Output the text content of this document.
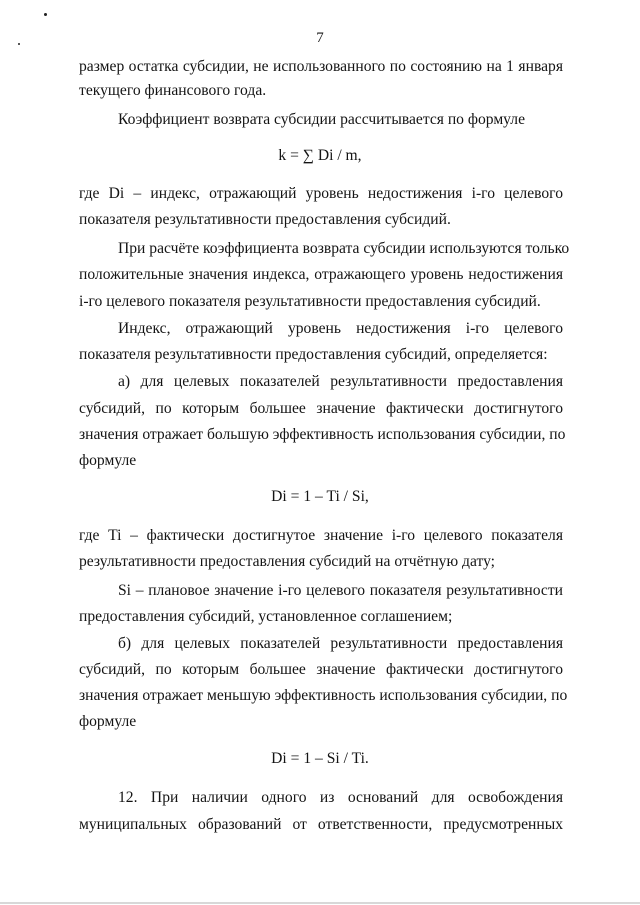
7
размер остатка субсидии, не использованного по состоянию на 1 января
текущего финансового года.
Коэффициент возврата субсидии рассчитывается по формуле
k = ∑ Di / m,
где Di – индекс, отражающий уровень недостижения i-го целевого
показателя результативности предоставления субсидий.
При расчёте коэффициента возврата субсидии используются только
положительные значения индекса, отражающего уровень недостижения
i-го целевого показателя результативности предоставления субсидий.
Индекс, отражающий уровень недостижения i-го целевого
показателя результативности предоставления субсидий, определяется:
а) для целевых показателей результативности предоставления
субсидий, по которым большее значение фактически достигнутого
значения отражает большую эффективность использования субсидии, по
формуле
Di = 1 – Ti / Si,
где Ti – фактически достигнутое значение i-го целевого показателя
результативности предоставления субсидий на отчётную дату;
Si – плановое значение i-го целевого показателя результативности
предоставления субсидий, установленное соглашением;
б) для целевых показателей результативности предоставления
субсидий, по которым большее значение фактически достигнутого
значения отражает меньшую эффективность использования субсидии, по
формуле
Di = 1 – Si / Ti.
12. При наличии одного из оснований для освобождения
муниципальных образований от ответственности, предусмотренных
